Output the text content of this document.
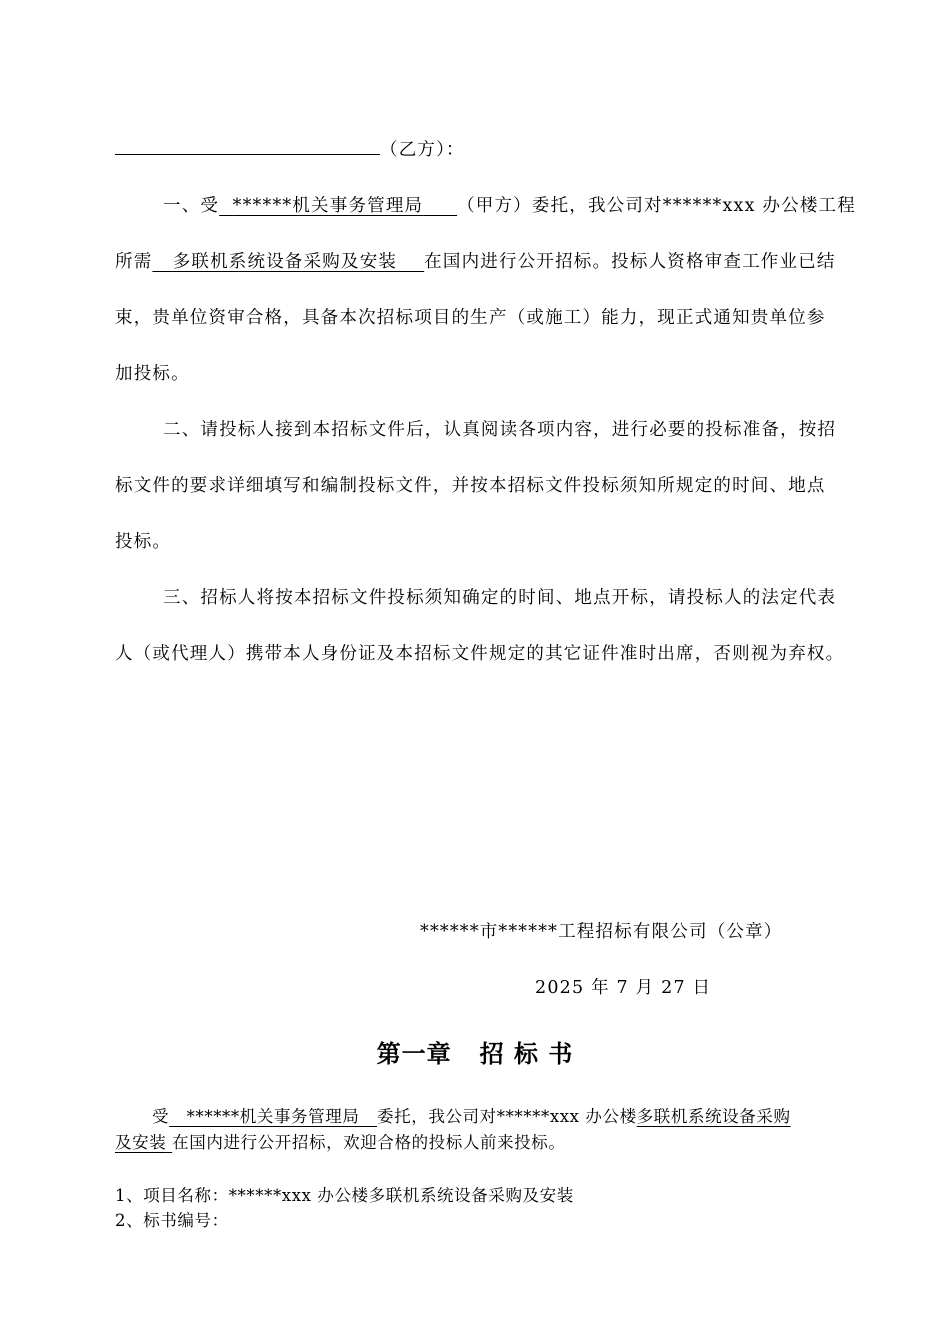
（乙方）：
一、受 ******机关事务管理局 （甲方）委托，我公司对******xxx 办公楼工程
所需 多联机系统设备采购及安装 在国内进行公开招标。投标人资格审查工作业已结
束，贵单位资审合格，具备本次招标项目的生产（或施工）能力，现正式通知贵单位参
加投标。
二、请投标人接到本招标文件后，认真阅读各项内容，进行必要的投标准备，按招
标文件的要求详细填写和编制投标文件，并按本招标文件投标须知所规定的时间、地点
投标。
三、招标人将按本招标文件投标须知确定的时间、地点开标，请投标人的法定代表
人（或代理人）携带本人身份证及本招标文件规定的其它证件准时出席，否则视为弃权。
******市******工程招标有限公司（公章）
2025 年 7 月 27 日
第一章   招 标 书
受 ******机关事务管理局 委托，我公司对******xxx 办公楼多联机系统设备采购
及安装 在国内进行公开招标，欢迎合格的投标人前来投标。
1、项目名称：******xxx 办公楼多联机系统设备采购及安装
2、标书编号：
